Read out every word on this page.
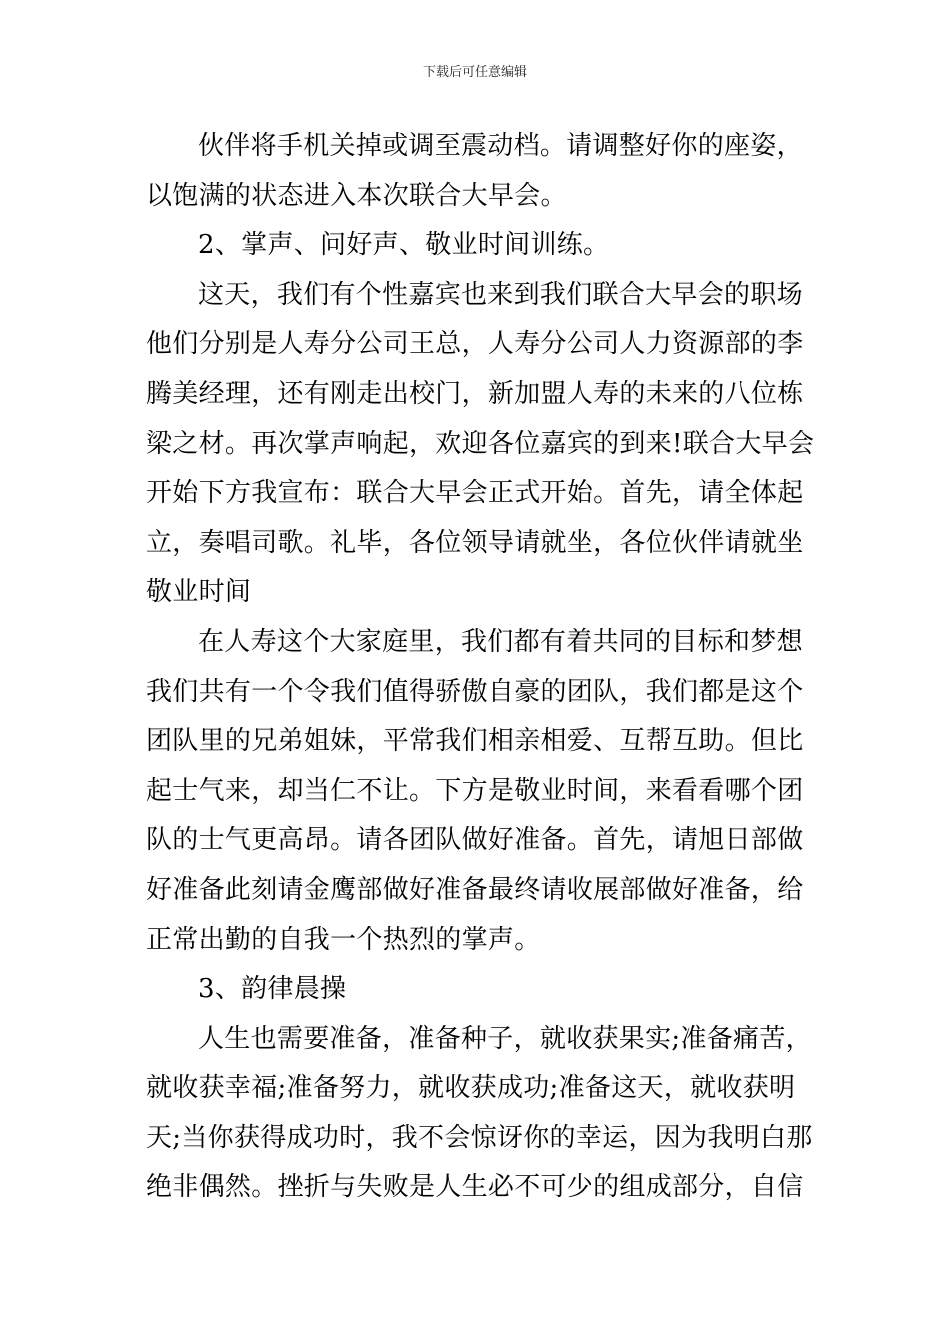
下载后可任意编辑
伙伴将手机关掉或调至震动档。请调整好你的座姿，
以饱满的状态进入本次联合大早会。
2、掌声、问好声、敬业时间训练。
这天，我们有个性嘉宾也来到我们联合大早会的职场
他们分别是人寿分公司王总，人寿分公司人力资源部的李
腾美经理，还有刚走出校门，新加盟人寿的未来的八位栋
梁之材。再次掌声响起，欢迎各位嘉宾的到来!联合大早会
开始下方我宣布：联合大早会正式开始。首先，请全体起
立，奏唱司歌。礼毕，各位领导请就坐，各位伙伴请就坐
敬业时间
在人寿这个大家庭里，我们都有着共同的目标和梦想
我们共有一个令我们值得骄傲自豪的团队，我们都是这个
团队里的兄弟姐妹，平常我们相亲相爱、互帮互助。但比
起士气来，却当仁不让。下方是敬业时间，来看看哪个团
队的士气更高昂。请各团队做好准备。首先，请旭日部做
好准备此刻请金鹰部做好准备最终请收展部做好准备，给
正常出勤的自我一个热烈的掌声。
3、韵律晨操
人生也需要准备，准备种子，就收获果实;准备痛苦，
就收获幸福;准备努力，就收获成功;准备这天，就收获明
天;当你获得成功时，我不会惊讶你的幸运，因为我明白那
绝非偶然。挫折与失败是人生必不可少的组成部分，自信
